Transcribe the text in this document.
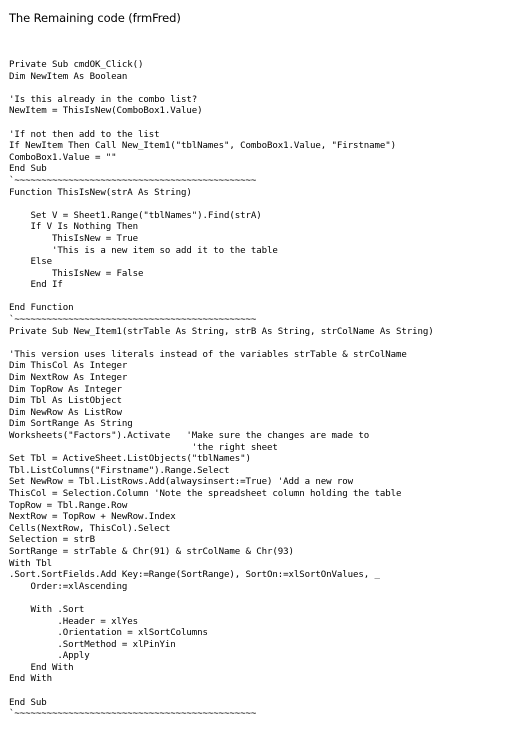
The Remaining code (frmFred)
Private Sub cmdOK_Click()
Dim NewItem As Boolean

'Is this already in the combo list?
NewItem = ThisIsNew(ComboBox1.Value)

'If not then add to the list
If NewItem Then Call New_Item1("tblNames", ComboBox1.Value, "Firstname")
ComboBox1.Value = ""
End Sub
`~~~~~~~~~~~~~~~~~~~~~~~~~~~~~~~~~~~~~~~~~~~~~
Function ThisIsNew(strA As String)

Set V = Sheet1.Range("tblNames").Find(strA)
If V Is Nothing Then
ThisIsNew = True
'This is a new item so add it to the table
Else
ThisIsNew = False
End If

End Function
`~~~~~~~~~~~~~~~~~~~~~~~~~~~~~~~~~~~~~~~~~~~~~
Private Sub New_Item1(strTable As String, strB As String, strColName As String)

'This version uses literals instead of the variables strTable & strColName
Dim ThisCol As Integer
Dim NextRow As Integer
Dim TopRow As Integer
Dim Tbl As ListObject
Dim NewRow As ListRow
Dim SortRange As String
Worksheets("Factors").Activate   'Make sure the changes are made to
'the right sheet
Set Tbl = ActiveSheet.ListObjects("tblNames")
Tbl.ListColumns("Firstname").Range.Select
Set NewRow = Tbl.ListRows.Add(alwaysinsert:=True) 'Add a new row
ThisCol = Selection.Column 'Note the spreadsheet column holding the table
TopRow = Tbl.Range.Row
NextRow = TopRow + NewRow.Index
Cells(NextRow, ThisCol).Select
Selection = strB
SortRange = strTable & Chr(91) & strColName & Chr(93)
With Tbl
.Sort.SortFields.Add Key:=Range(SortRange), SortOn:=xlSortOnValues, _
Order:=xlAscending

With .Sort
.Header = xlYes
.Orientation = xlSortColumns
.SortMethod = xlPinYin
.Apply
End With
End With

End Sub
`~~~~~~~~~~~~~~~~~~~~~~~~~~~~~~~~~~~~~~~~~~~~~
